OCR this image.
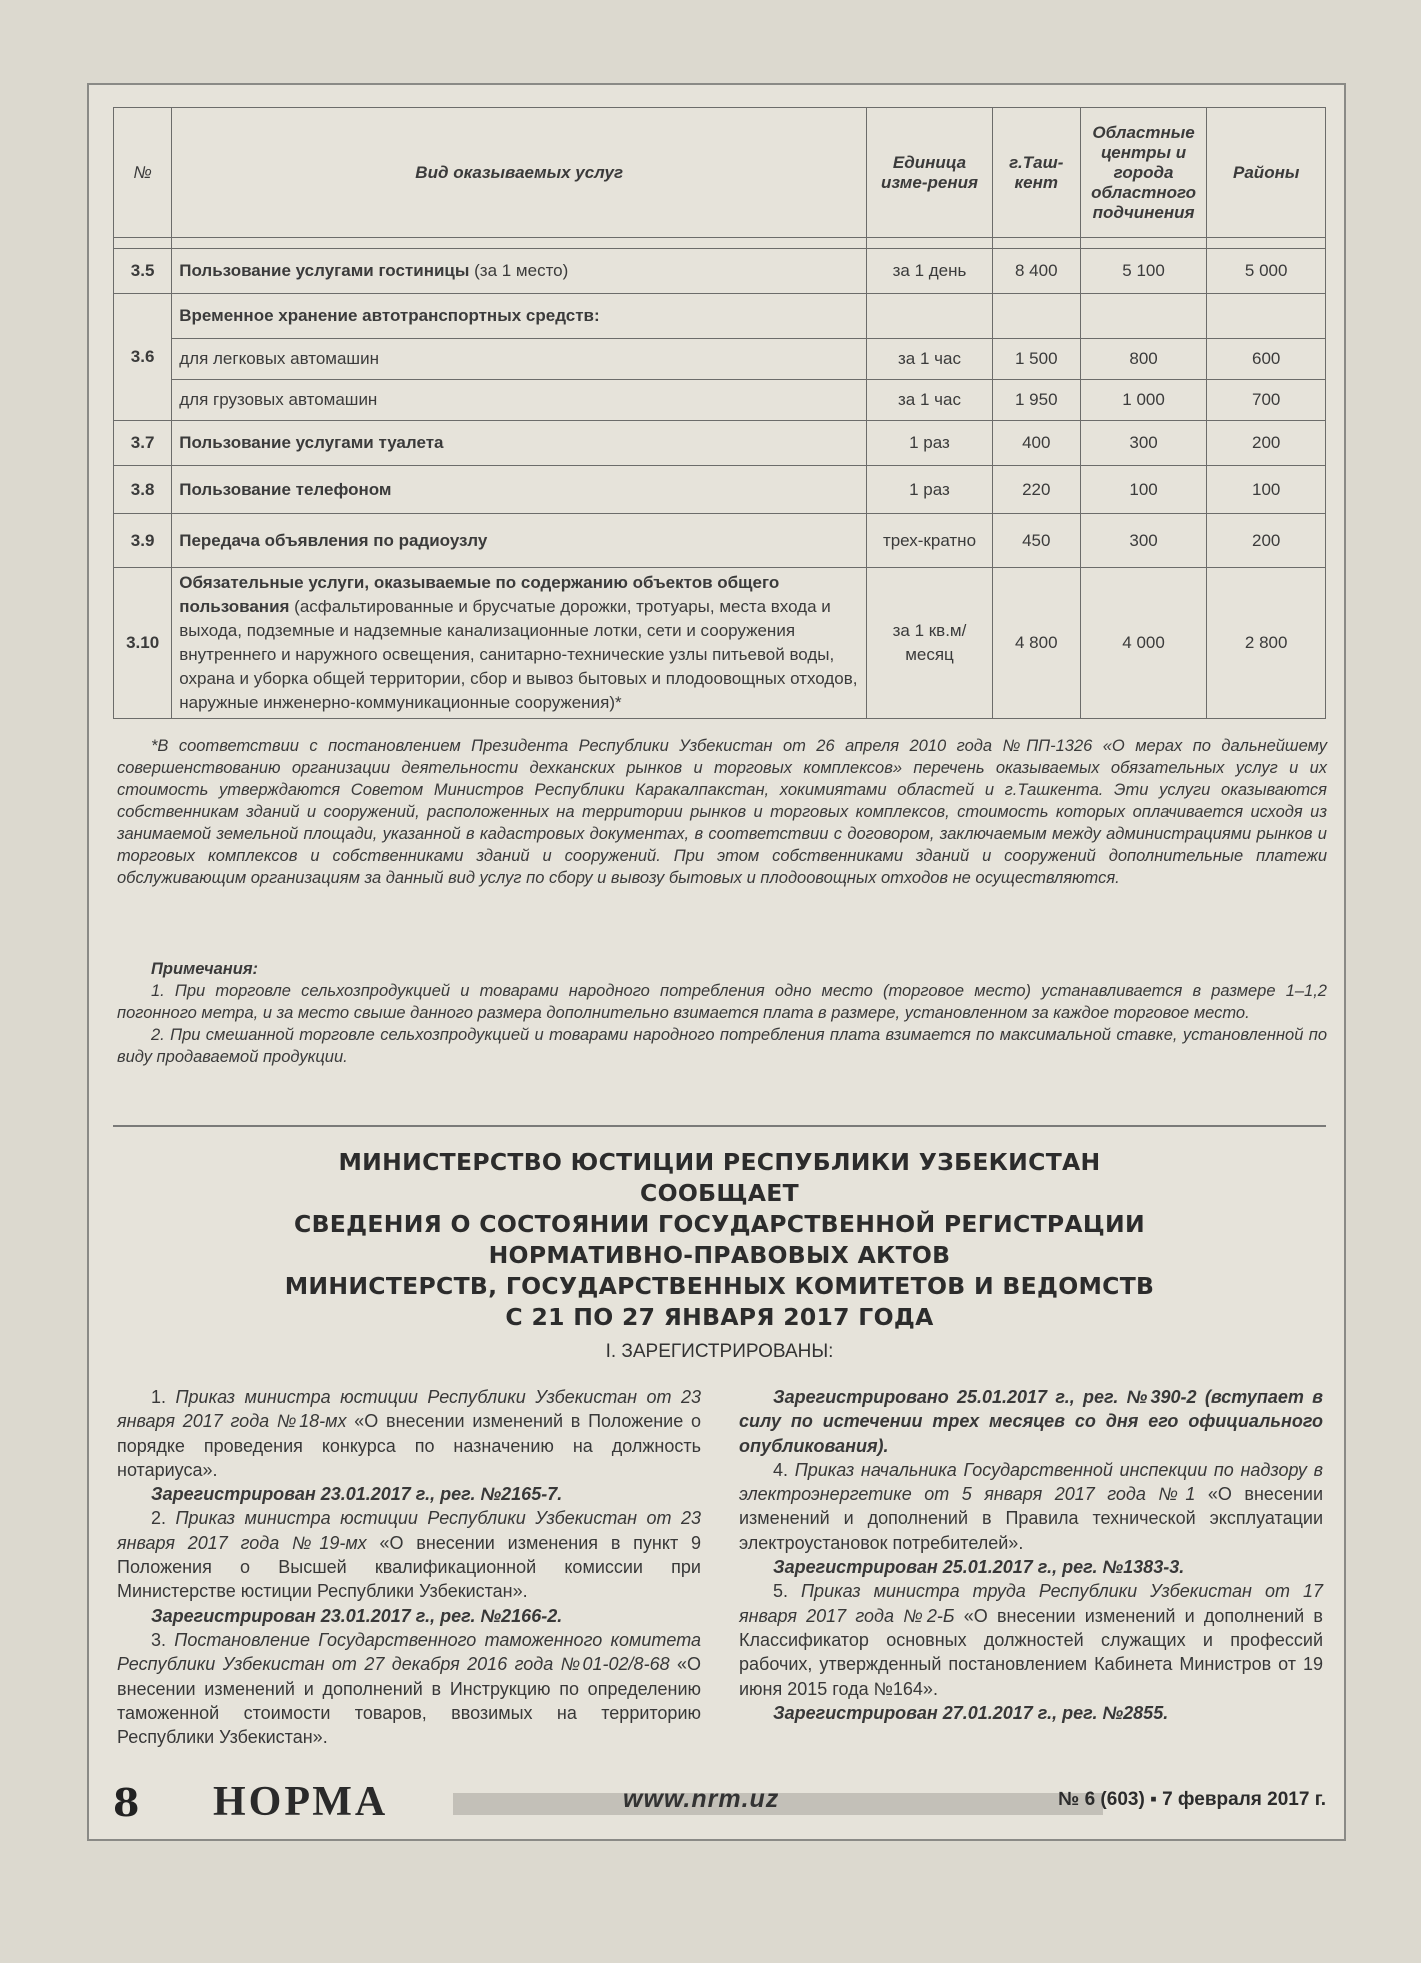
№	Вид оказываемых услуг	Единица изме-рения	г.Таш-кент	Областные центры и города областного подчинения	Районы

3.5	Пользование услугами гостиницы (за 1 место)	за 1 день	8 400	5 100	5 000
3.6	Временное хранение автотранспортных средств:				
	для легковых автомашин	за 1 час	1 500	800	600
	для грузовых автомашин	за 1 час	1 950	1 000	700
3.7	Пользование услугами туалета	1 раз	400	300	200
3.8	Пользование телефоном	1 раз	220	100	100
3.9	Передача объявления по радиоузлу	трех-кратно	450	300	200
3.10	Обязательные услуги, оказываемые по содержанию объектов общего пользования (асфальтированные и брусчатые дорожки, тротуары, места входа и выхода, подземные и надземные канализационные лотки, сети и сооружения внутреннего и наружного освещения, санитарно-технические узлы питьевой воды, охрана и уборка общей территории, сбор и вывоз бытовых и плодоовощных отходов, наружные инженерно-коммуникационные сооружения)*	за 1 кв.м/ месяц	4 800	4 000	2 800

*В соответствии с постановлением Президента Республики Узбекистан от 26 апреля 2010 года №ПП-1326 «О мерах по дальнейшему совершенствованию организации деятельности дехканских рынков и торговых комплексов» перечень оказываемых обязательных услуг и их стоимость утверждаются Советом Министров Республики Каракалпакстан, хокимиятами областей и г.Ташкента. Эти услуги оказываются собственникам зданий и сооружений, расположенных на территории рынков и торговых комплексов, стоимость которых оплачивается исходя из занимаемой земельной площади, указанной в кадастровых документах, в соответствии с договором, заключаемым между администрациями рынков и торговых комплексов и собственниками зданий и сооружений. При этом собственниками зданий и сооружений дополнительные платежи обслуживающим организациям за данный вид услуг по сбору и вывозу бытовых и плодоовощных отходов не осуществляются.

Примечания:

1. При торговле сельхозпродукцией и товарами народного потребления одно место (торговое место) устанавливается в размере 1–1,2 погонного метра, и за место свыше данного размера дополнительно взимается плата в размере, установленном за каждое торговое место.

2. При смешанной торговле сельхозпродукцией и товарами народного потребления плата взимается по максимальной ставке, установленной по виду продаваемой продукции.

МИНИСТЕРСТВО ЮСТИЦИИ РЕСПУБЛИКИ УЗБЕКИСТАН
СООБЩАЕТ
СВЕДЕНИЯ О СОСТОЯНИИ ГОСУДАРСТВЕННОЙ РЕГИСТРАЦИИ
НОРМАТИВНО-ПРАВОВЫХ АКТОВ
МИНИСТЕРСТВ, ГОСУДАРСТВЕННЫХ КОМИТЕТОВ И ВЕДОМСТВ
С 21 ПО 27 ЯНВАРЯ 2017 ГОДА
I. ЗАРЕГИСТРИРОВАНЫ:

1. Приказ министра юстиции Республики Узбекистан от 23 января 2017 года №18-мх «О внесении изменений в Положение о порядке проведения конкурса по назначению на должность нотариуса».

Зарегистрирован 23.01.2017 г., рег. №2165-7.

2. Приказ министра юстиции Республики Узбекистан от 23 января 2017 года №19-мх «О внесении изменения в пункт 9 Положения о Высшей квалификационной комиссии при Министерстве юстиции Республики Узбекистан».

Зарегистрирован 23.01.2017 г., рег. №2166-2.

3. Постановление Государственного таможенного комитета Республики Узбекистан от 27 декабря 2016 года №01-02/8-68 «О внесении изменений и дополнений в Инструкцию по определению таможенной стоимости товаров, ввозимых на территорию Республики Узбекистан».

Зарегистрировано 25.01.2017 г., рег. №390-2 (вступает в силу по истечении трех месяцев со дня его официального опубликования).

4. Приказ начальника Государственной инспекции по надзору в электроэнергетике от 5 января 2017 года №1 «О внесении изменений и дополнений в Правила технической эксплуатации электроустановок потребителей».

Зарегистрирован 25.01.2017 г., рег. №1383-3.

5. Приказ министра труда Республики Узбекистан от 17 января 2017 года №2-Б «О внесении изменений и дополнений в Классификатор основных должностей служащих и профессий рабочих, утвержденный постановлением Кабинета Министров от 19 июня 2015 года №164».

Зарегистрирован 27.01.2017 г., рег. №2855.

8 НОРМА	www.nrm.uz	№ 6 (603) ▪ 7 февраля 2017 г.
